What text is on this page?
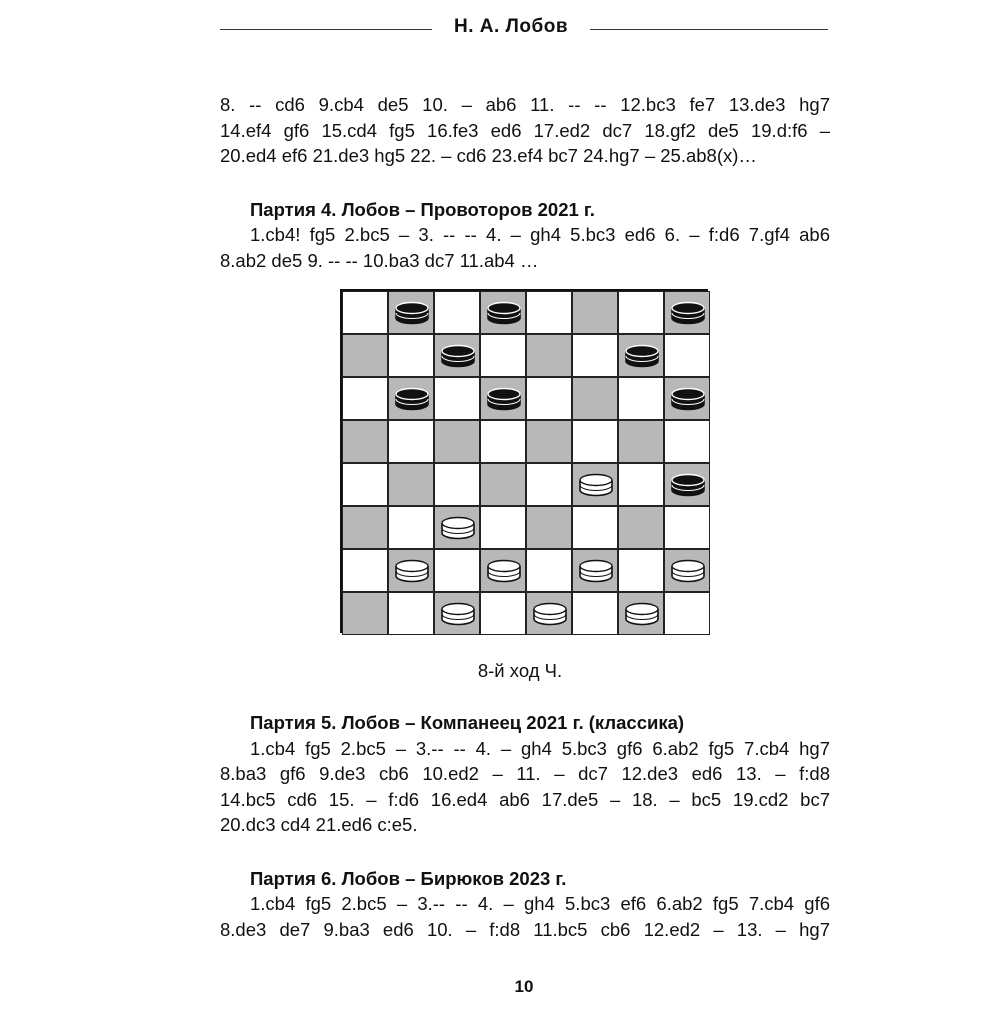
Н. А. Лобов
8. -- cd6 9.cb4 de5 10. – ab6 11. -- -- 12.bc3 fe7 13.de3 hg7
14.ef4 gf6 15.cd4 fg5 16.fe3 ed6 17.ed2 dc7 18.gf2 de5 19.d:f6 –
20.ed4 ef6 21.de3 hg5 22. – cd6 23.ef4 bc7 24.hg7 – 25.ab8(x)…
Партия 4. Лобов – Провоторов 2021 г.
1.cb4! fg5 2.bc5 – 3. -- -- 4. – gh4 5.bc3 ed6 6. – f:d6 7.gf4 ab6
8.ab2 de5 9. -- -- 10.ba3 dc7 11.ab4 …
8-й ход Ч.
Партия 5. Лобов – Компанеец 2021 г. (классика)
1.cb4 fg5 2.bc5 – 3.-- -- 4. – gh4 5.bc3 gf6 6.ab2 fg5 7.cb4 hg7
8.ba3 gf6 9.de3 cb6 10.ed2 – 11. – dc7 12.de3 ed6 13. – f:d8
14.bc5 cd6 15. – f:d6 16.ed4 ab6 17.de5 – 18. – bc5 19.cd2 bc7
20.dc3 cd4 21.ed6 c:e5.
Партия 6. Лобов – Бирюков 2023 г.
1.cb4 fg5 2.bc5 – 3.-- -- 4. – gh4 5.bc3 ef6 6.ab2 fg5 7.cb4 gf6
8.de3 de7 9.ba3 ed6 10. – f:d8 11.bc5 cb6 12.ed2 – 13. – hg7
10
